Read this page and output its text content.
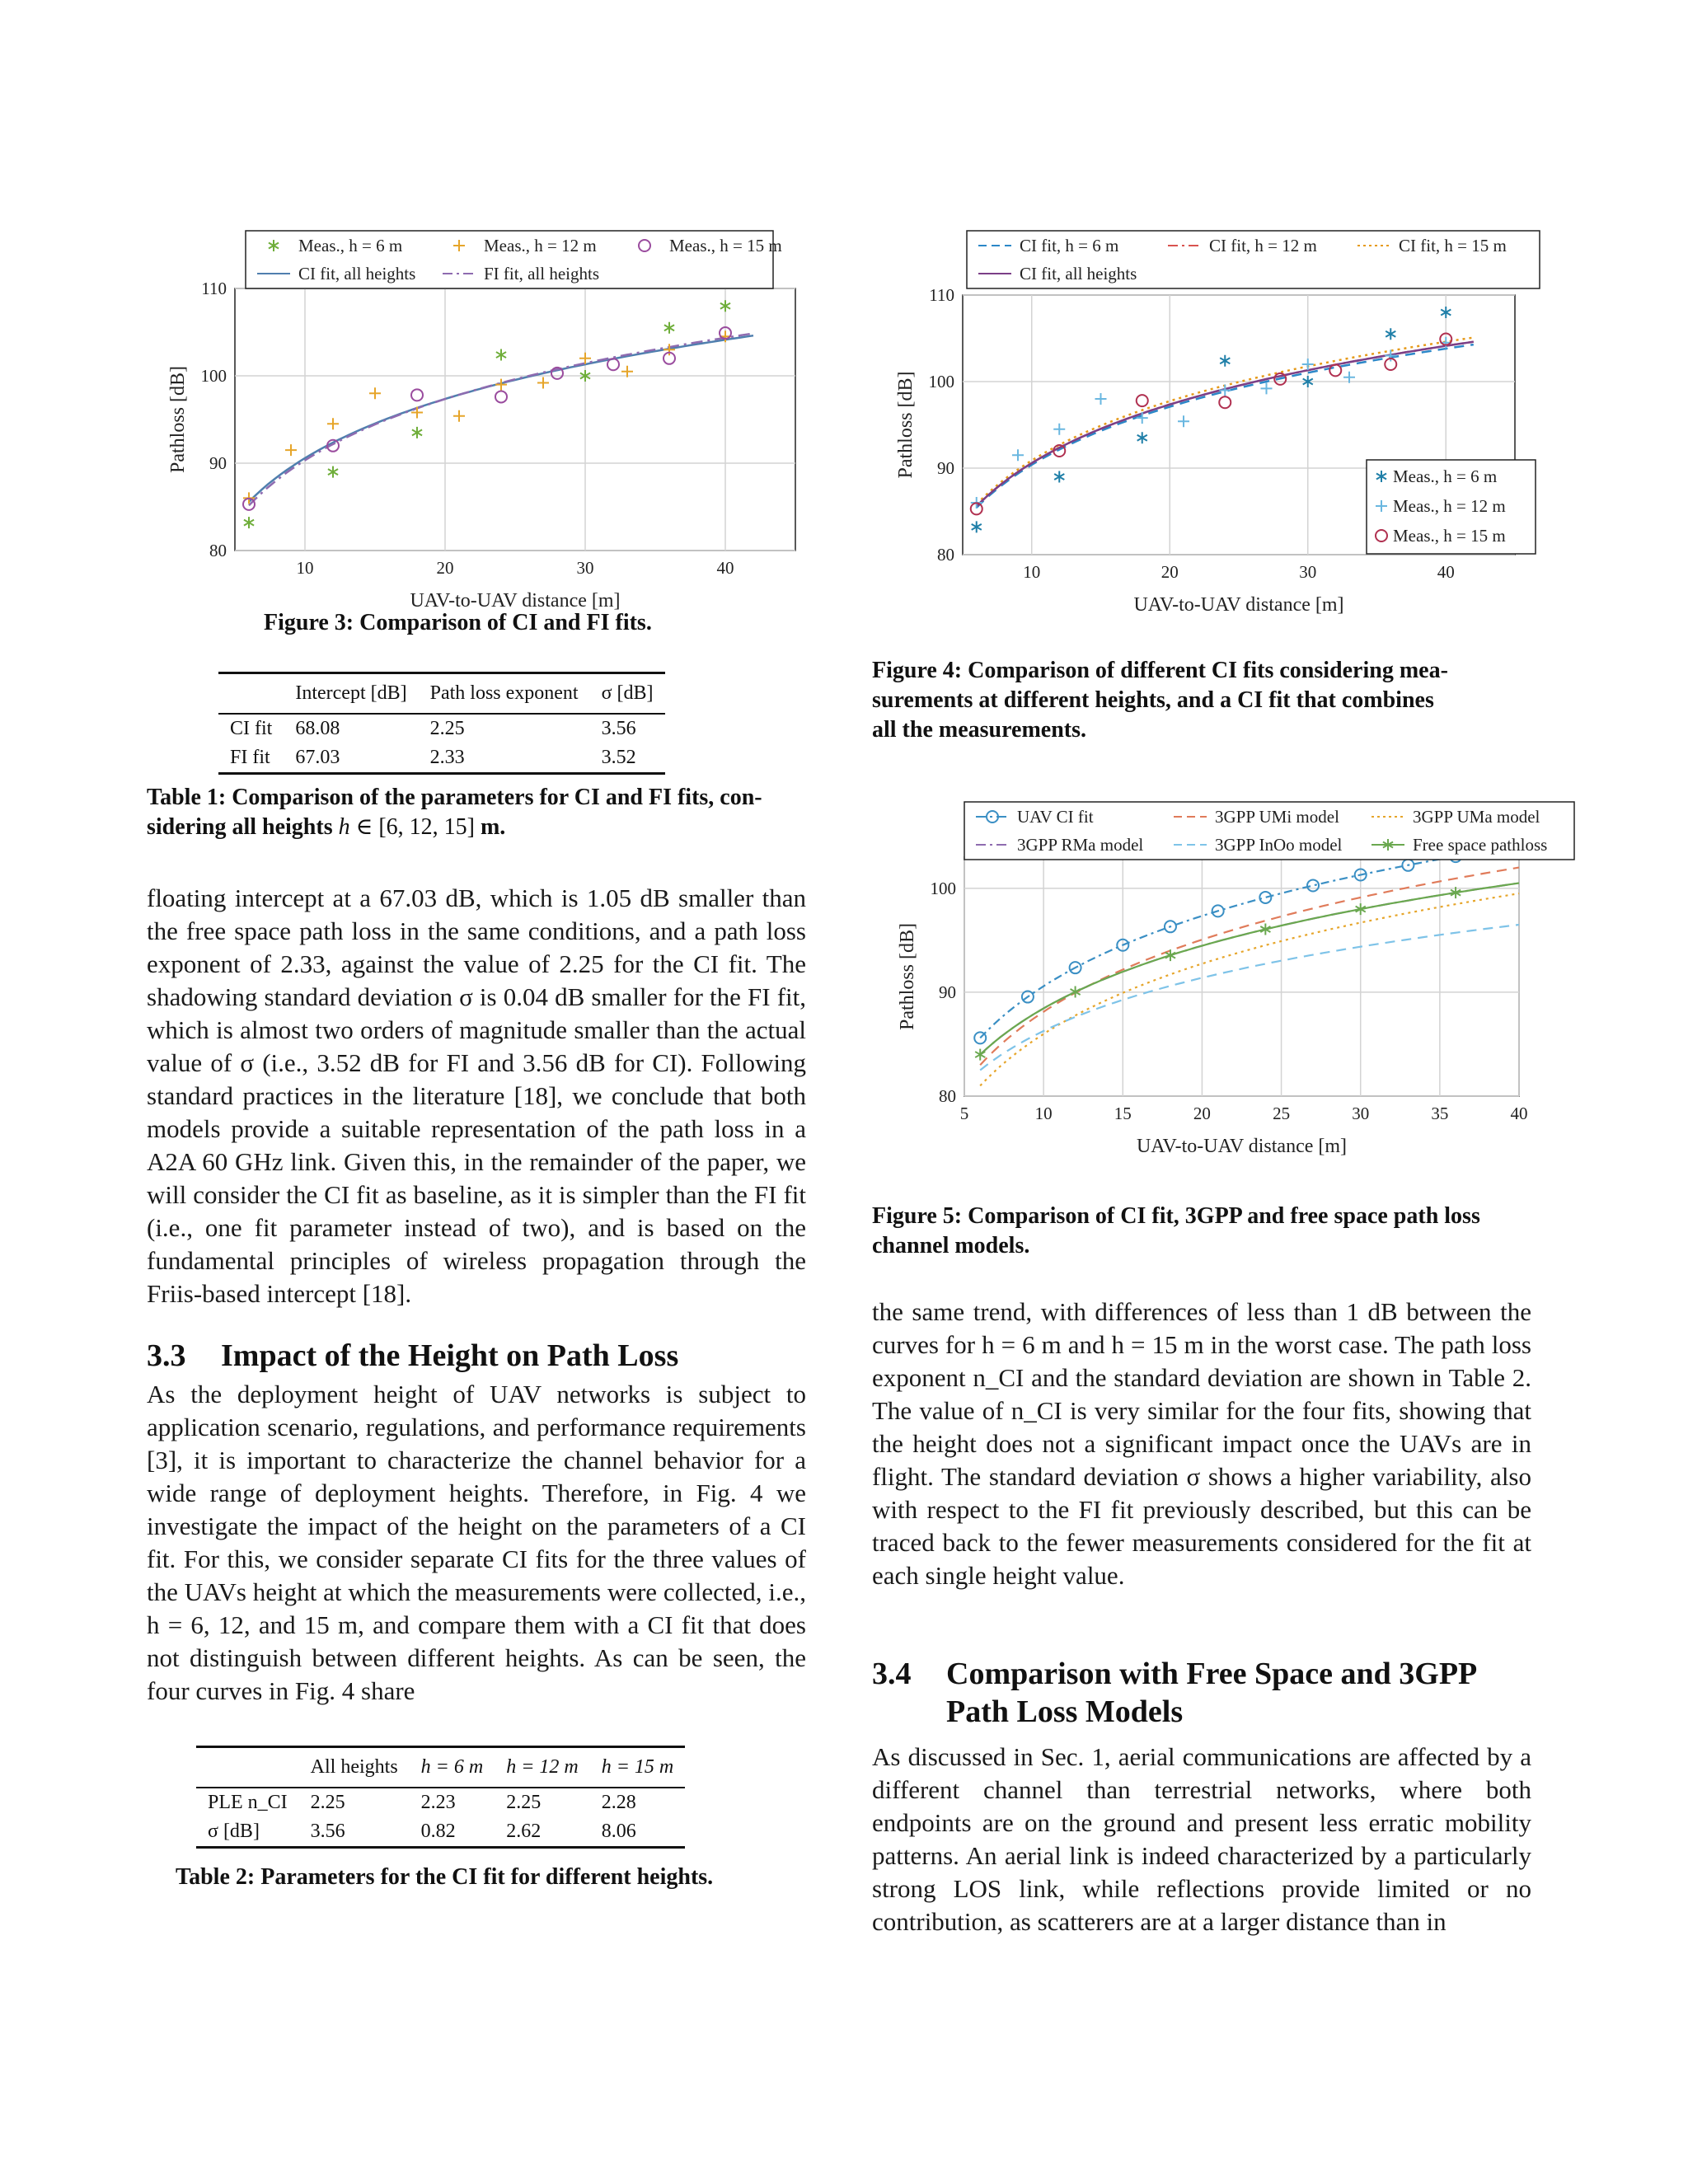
10	20	30	40
80
90
100
110
UAV-to-UAV distance [m]
Pathloss [dB]
Meas., h = 6 m	Meas., h = 12 m	Meas., h = 15 m
CI fit, all heights	FI fit, all heights
Figure 3: Comparison of CI and FI fits.
	Intercept [dB]	Path loss exponent	σ [dB]
CI fit	68.08	2.25	3.56
FI fit	67.03	2.33	3.52
Table 1: Comparison of the parameters for CI and FI fits, con-
sidering all heights h ∈ [6, 12, 15] m.

floating intercept at a 67.03 dB, which is 1.05 dB smaller than the free space path loss in the same conditions, and a path loss exponent of 2.33, against the value of 2.25 for the CI fit. The shadowing standard deviation σ is 0.04 dB smaller for the FI fit, which is almost two orders of magnitude smaller than the actual value of σ (i.e., 3.52 dB for FI and 3.56 dB for CI). Following standard practices in the literature [18], we conclude that both models provide a suitable representation of the path loss in a A2A 60 GHz link. Given this, in the remainder of the paper, we will consider the CI fit as baseline, as it is simpler than the FI fit (i.e., one fit parameter instead of two), and is based on the fundamental principles of wireless propagation through the Friis-based intercept [18].

3.3 Impact of the Height on Path Loss

As the deployment height of UAV networks is subject to application scenario, regulations, and performance requirements [3], it is important to characterize the channel behavior for a wide range of deployment heights. Therefore, in Fig. 4 we investigate the impact of the height on the parameters of a CI fit. For this, we consider separate CI fits for the three values of the UAVs height at which the measurements were collected, i.e., h = 6, 12, and 15 m, and compare them with a CI fit that does not distinguish between different heights. As can be seen, the four curves in Fig. 4 share

	All heights	h = 6 m	h = 12 m	h = 15 m
PLE n_CI	2.25	2.23	2.25	2.28
σ [dB]	3.56	0.82	2.62	8.06
Table 2: Parameters for the CI fit for different heights.
10	20	30	40
80
90
100
110
UAV-to-UAV distance [m]
Pathloss [dB]
CI fit, h = 6 m	CI fit, h = 12 m	CI fit, h = 15 m
CI fit, all heights
Meas., h = 6 m
Meas., h = 12 m
Meas., h = 15 m
Figure 4: Comparison of different CI fits considering mea-
surements at different heights, and a CI fit that combines
all the measurements.
5	10	15	20	25	30	35	40
80
90
100
UAV-to-UAV distance [m]
Pathloss [dB]
UAV CI fit	3GPP UMi model	3GPP UMa model
3GPP RMa model	3GPP InOo model	Free space pathloss
Figure 5: Comparison of CI fit, 3GPP and free space path loss
channel models.

the same trend, with differences of less than 1 dB between the curves for h = 6 m and h = 15 m in the worst case. The path loss exponent n_CI and the standard deviation are shown in Table 2. The value of n_CI is very similar for the four fits, showing that the height does not a significant impact once the UAVs are in flight. The standard deviation σ shows a higher variability, also with respect to the FI fit previously described, but this can be traced back to the fewer measurements considered for the fit at each single height value.

3.4 Comparison with Free Space and 3GPP
Path Loss Models

As discussed in Sec. 1, aerial communications are affected by a different channel than terrestrial networks, where both endpoints are on the ground and present less erratic mobility patterns. An aerial link is indeed characterized by a particularly strong LOS link, while reflections provide limited or no contribution, as scatterers are at a larger distance than in
